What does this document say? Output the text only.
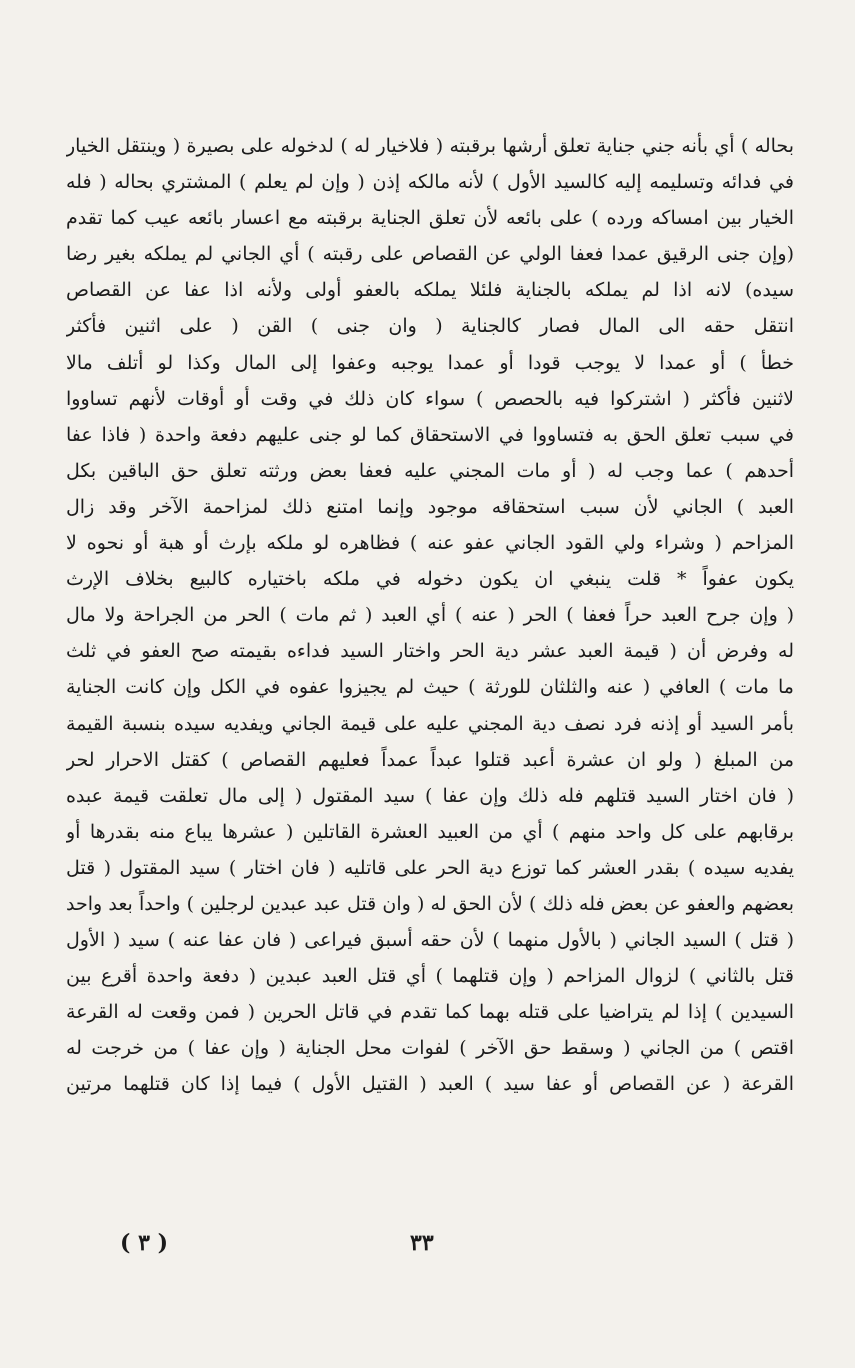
بحاله ) أي بأنه جني جناية تعلق أرشها برقبته ( فلاخيار له ) لدخوله على بصيرة ( وينتقل الخيار
في فدائه وتسليمه إليه كالسيد الأول ) لأنه مالكه إذن ( وإن لم يعلم ) المشتري بحاله ( فله
الخيار بين امساكه ورده ) على بائعه لأن تعلق الجناية برقبته مع اعسار بائعه عيب كما تقدم
(وإن جنى الرقيق عمدا فعفا الولي عن القصاص على رقبته ) أي الجاني لم يملكه بغير رضا
سيده) لانه اذا لم يملكه بالجناية فلئلا يملكه بالعفو أولى ولأنه اذا عفا عن القصاص
انتقل حقه الى المال فصار كالجناية ( وان جنى ) القن ( على اثنين فأكثر
خطأ ) أو عمدا لا يوجب قودا أو عمدا يوجبه وعفوا إلى المال وكذا لو أتلف مالا
لاثنين فأكثر ( اشتركوا فيه بالحصص ) سواء كان ذلك في وقت أو أوقات لأنهم تساووا
في سبب تعلق الحق به فتساووا في الاستحقاق كما لو جنى عليهم دفعة واحدة ( فاذا عفا
أحدهم ) عما وجب له ( أو مات المجني عليه فعفا بعض ورثته تعلق حق الباقين بكل
العبد ) الجاني لأن سبب استحقاقه موجود وإنما امتنع ذلك لمزاحمة الآخر وقد زال
المزاحم ( وشراء ولي القود الجاني عفو عنه ) فظاهره لو ملكه بإرث أو هبة أو نحوه لا
يكون عفواً * قلت ينبغي ان يكون دخوله في ملكه باختياره كالبيع بخلاف الإرث
( وإن جرح العبد حراً فعفا ) الحر ( عنه ) أي العبد ( ثم مات ) الحر من الجراحة ولا مال
له وفرض أن ( قيمة العبد عشر دية الحر واختار السيد فداءه بقيمته صح العفو في ثلث
ما مات ) العافي ( عنه والثلثان للورثة ) حيث لم يجيزوا عفوه في الكل وإن كانت الجناية
بأمر السيد أو إذنه فرد نصف دية المجني عليه على قيمة الجاني ويفديه سيده بنسبة القيمة
من المبلغ ( ولو ان عشرة أعبد قتلوا عبداً عمداً فعليهم القصاص ) كقتل الاحرار لحر
( فان اختار السيد قتلهم فله ذلك وإن عفا ) سيد المقتول ( إلى مال تعلقت قيمة عبده
برقابهم على كل واحد منهم ) أي من العبيد العشرة القاتلين ( عشرها يباع منه بقدرها أو
يفديه سيده ) بقدر العشر كما توزع دية الحر على قاتليه ( فان اختار ) سيد المقتول ( قتل
بعضهم والعفو عن بعض فله ذلك ) لأن الحق له ( وان قتل عبد عبدين لرجلين ) واحداً بعد واحد
( قتل ) السيد الجاني ( بالأول منهما ) لأن حقه أسبق فيراعى ( فان عفا عنه ) سيد ( الأول
قتل بالثاني ) لزوال المزاحم ( وإن قتلهما ) أي قتل العبد عبدين ( دفعة واحدة أقرع بين
السيدين ) إذا لم يتراضيا على قتله بهما كما تقدم في قاتل الحرين ( فمن وقعت له القرعة
اقتص ) من الجاني ( وسقط حق الآخر ) لفوات محل الجناية ( وإن عفا ) من خرجت له
القرعة ( عن القصاص أو عفا سيد ) العبد ( القتيل الأول ) فيما إذا كان قتلهما مرتين
٣٣
( ٣ )
